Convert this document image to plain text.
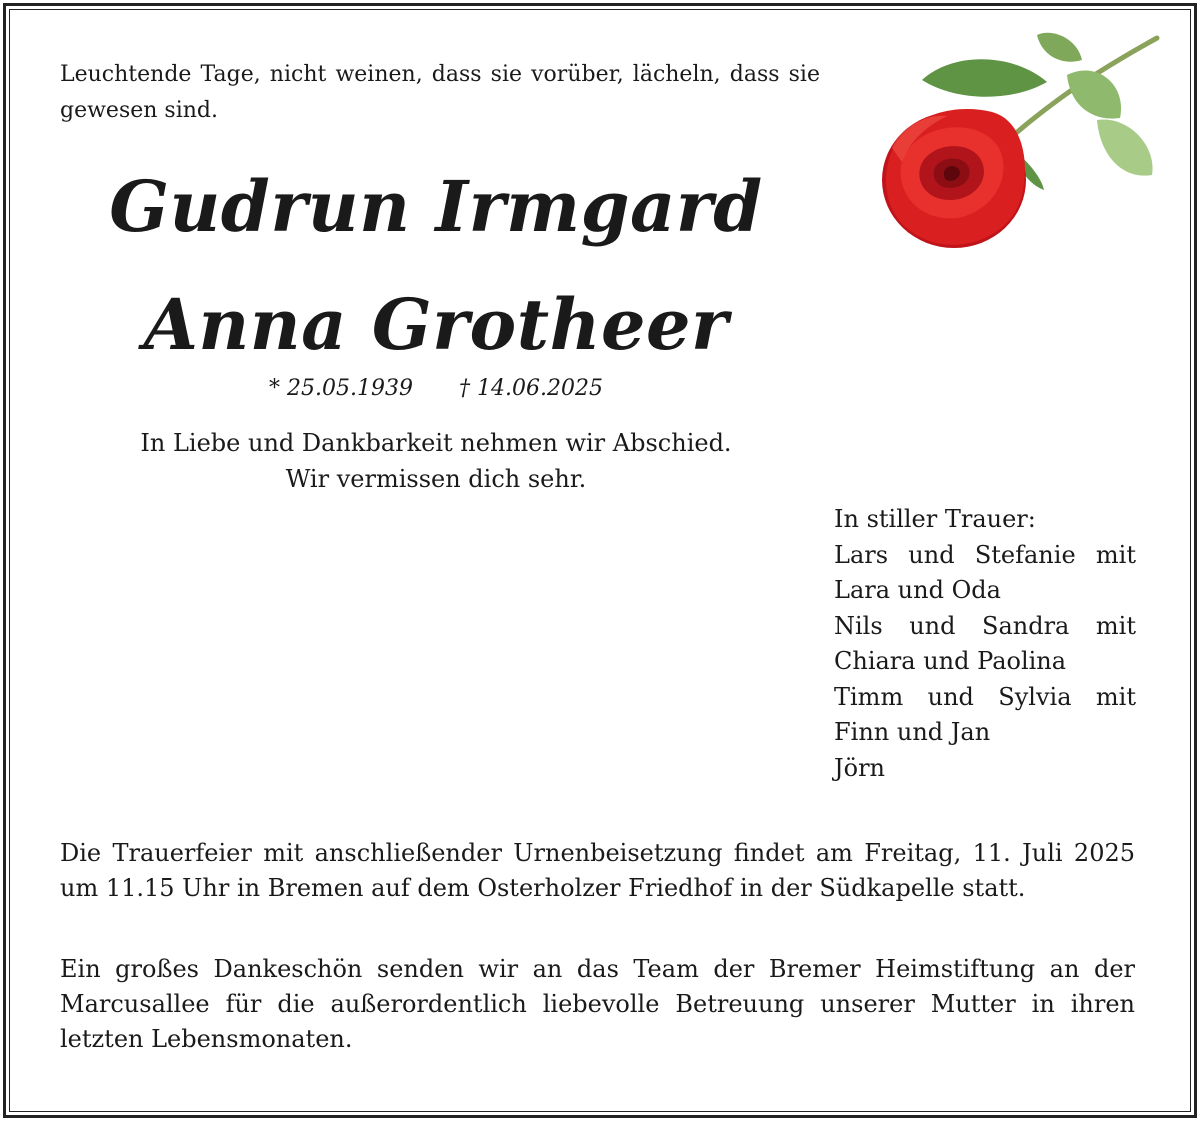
Leuchtende Tage, nicht weinen, dass sie vorüber, lächeln, dass sie gewesen sind.
Gudrun Irmgard
Anna Grotheer
* 25.05.1939 † 14.06.2025
In Liebe und Dankbarkeit nehmen wir Abschied.
Wir vermissen dich sehr.
In stiller Trauer:
Lars und Stefanie mit
Lara und Oda
Nils und Sandra mit
Chiara und Paolina
Timm und Sylvia mit
Finn und Jan
Jörn
Die Trauerfeier mit anschließender Urnenbeisetzung findet am Freitag, 11. Juli 2025 um 11.15 Uhr in Bremen auf dem Osterholzer Friedhof in der Südkapelle statt.
Ein großes Dankeschön senden wir an das Team der Bremer Heimstiftung an der Marcusallee für die außerordentlich liebevolle Betreuung unserer Mutter in ihren letzten Lebensmonaten.
